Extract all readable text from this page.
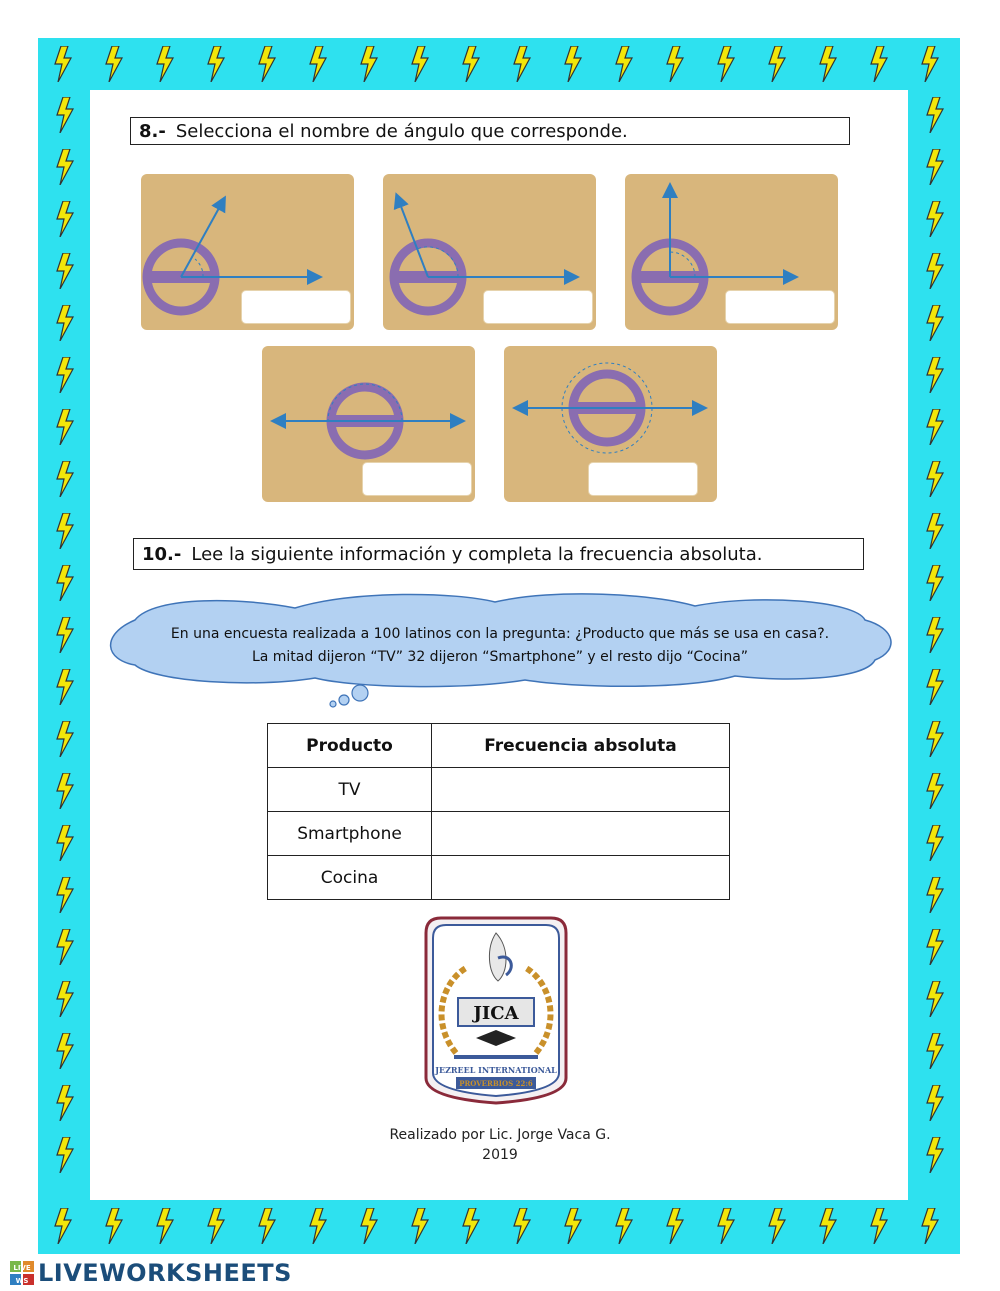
8.- Selecciona el nombre de ángulo que corresponde.
10.- Lee la siguiente información y completa la frecuencia absoluta.
En una encuesta realizada a 100 latinos con la pregunta: ¿Producto que más se usa en casa?.
La mitad dijeron “TV” 32 dijeron “Smartphone” y el resto dijo “Cocina”
Producto	Frecuencia absoluta
TV	
Smartphone	
Cocina	
JICA
JEZREEL INTERNATIONAL
PROVERBIOS 22:6
Realizado por Lic. Jorge Vaca G.
2019
LIVE
WS LIVEWORKSHEETS
